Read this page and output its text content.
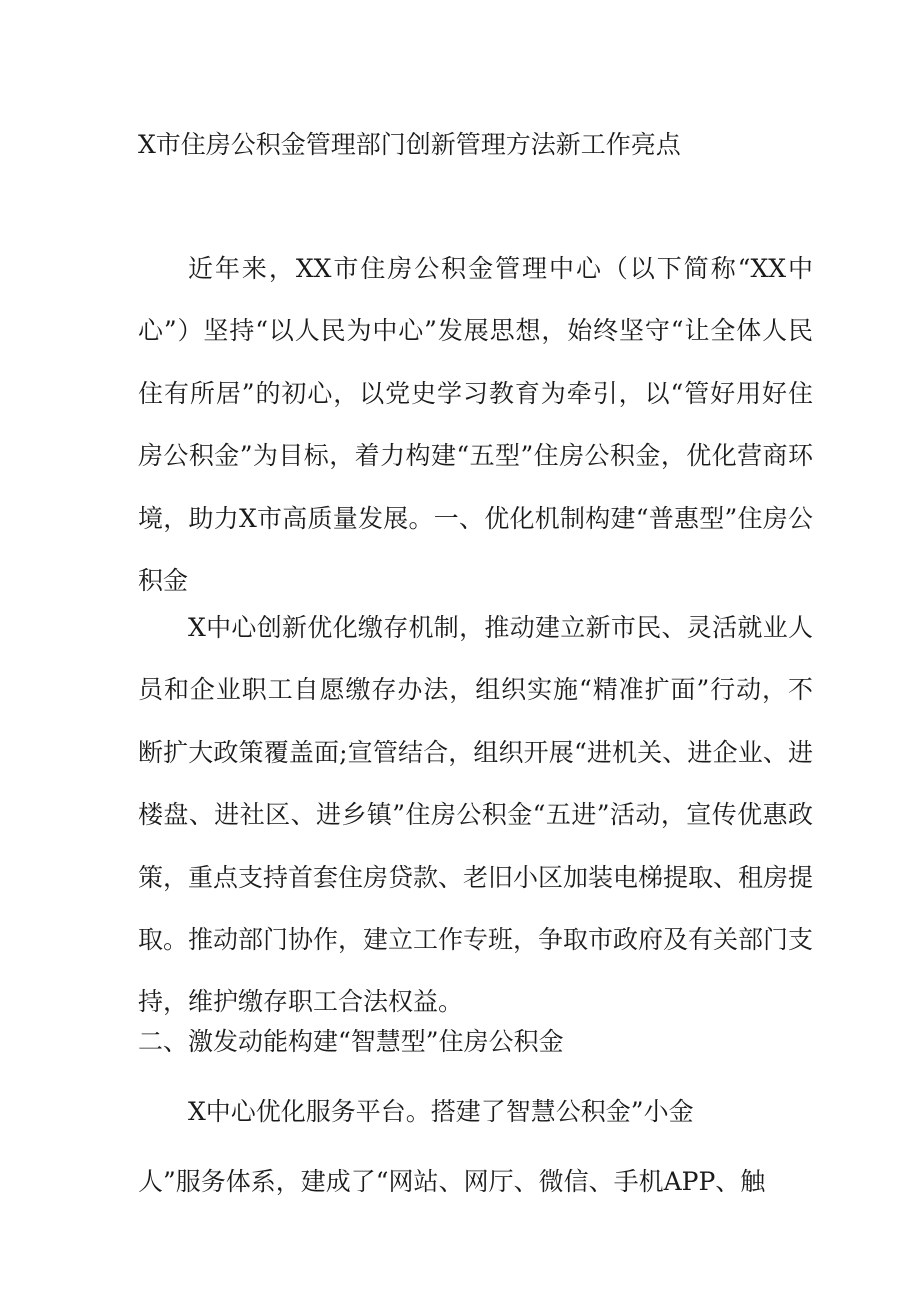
X市住房公积金管理部门创新管理方法新工作亮点

近年来，XX市住房公积金管理中心（以下简称“XX中心”）坚持“以人民为中心”发展思想，始终坚守“让全体人民住有所居”的初心，以党史学习教育为牵引，以“管好用好住房公积金”为目标，着力构建“五型”住房公积金，优化营商环境，助力X市高质量发展。一、优化机制构建“普惠型”住房公积金

X中心创新优化缴存机制，推动建立新市民、灵活就业人员和企业职工自愿缴存办法，组织实施“精准扩面”行动，不断扩大政策覆盖面;宣管结合，组织开展“进机关、进企业、进楼盘、进社区、进乡镇”住房公积金“五进”活动，宣传优惠政策，重点支持首套住房贷款、老旧小区加装电梯提取、租房提取。推动部门协作，建立工作专班，争取市政府及有关部门支持，维护缴存职工合法权益。

二、激发动能构建“智慧型”住房公积金

X中心优化服务平台。搭建了智慧公积金”小金

人”服务体系，建成了“网站、网厅、微信、手机APP、触
